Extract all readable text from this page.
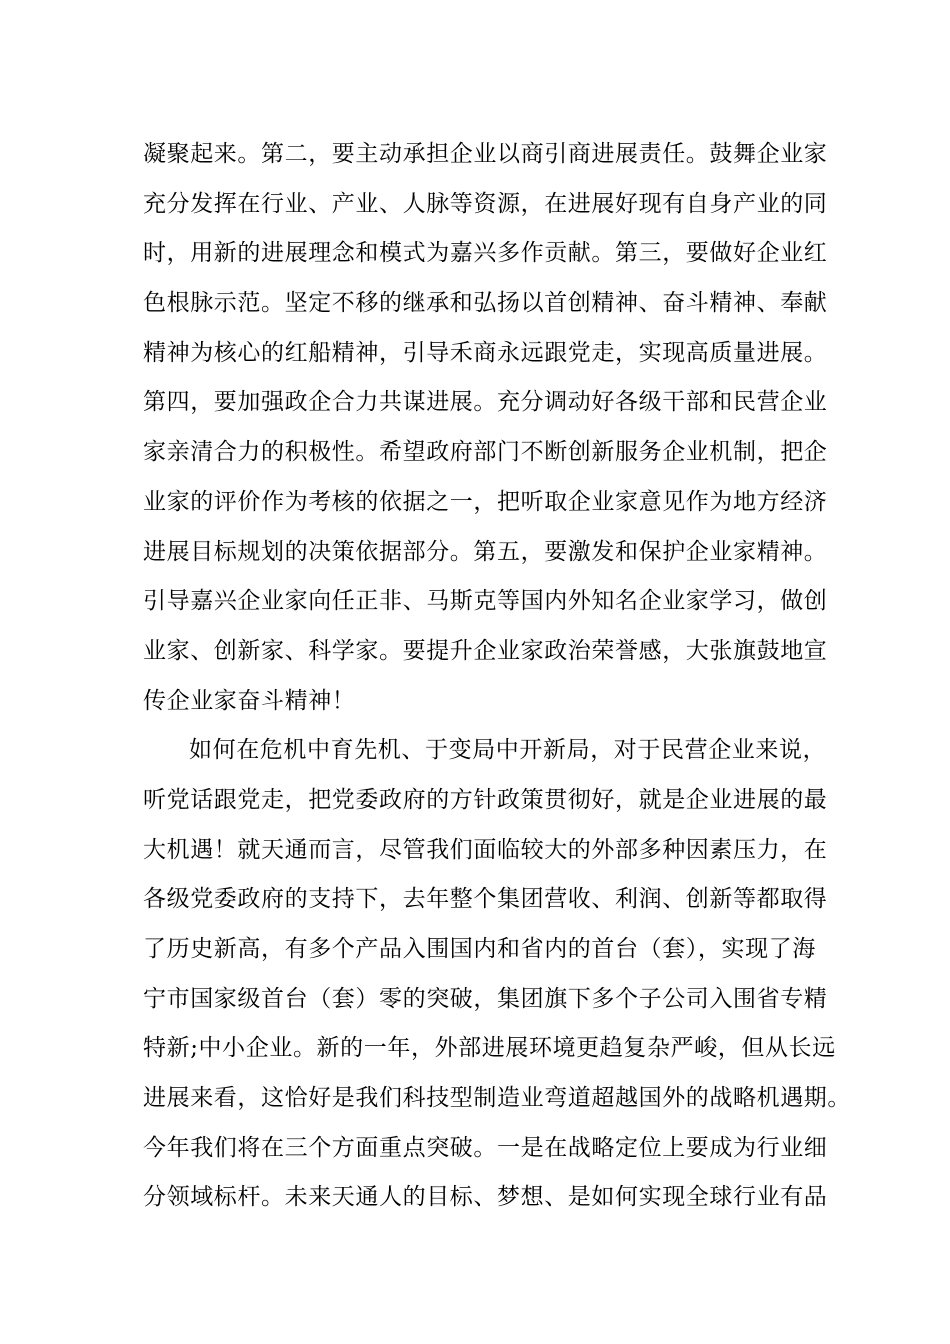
凝聚起来。第二，要主动承担企业以商引商进展责任。鼓舞企业家
充分发挥在行业、产业、人脉等资源，在进展好现有自身产业的同
时，用新的进展理念和模式为嘉兴多作贡献。第三，要做好企业红
色根脉示范。坚定不移的继承和弘扬以首创精神、奋斗精神、奉献
精神为核心的红船精神，引导禾商永远跟党走，实现高质量进展。
第四，要加强政企合力共谋进展。充分调动好各级干部和民营企业
家亲清合力的积极性。希望政府部门不断创新服务企业机制，把企
业家的评价作为考核的依据之一，把听取企业家意见作为地方经济
进展目标规划的决策依据部分。第五，要激发和保护企业家精神。
引导嘉兴企业家向任正非、马斯克等国内外知名企业家学习，做创
业家、创新家、科学家。要提升企业家政治荣誉感，大张旗鼓地宣
传企业家奋斗精神！
如何在危机中育先机、于变局中开新局，对于民营企业来说，
听党话跟党走，把党委政府的方针政策贯彻好，就是企业进展的最
大机遇！就天通而言，尽管我们面临较大的外部多种因素压力，在
各级党委政府的支持下，去年整个集团营收、利润、创新等都取得
了历史新高，有多个产品入围国内和省内的首台（套），实现了海
宁市国家级首台（套）零的突破，集团旗下多个子公司入围省专精
特新;中小企业。新的一年，外部进展环境更趋复杂严峻，但从长远
进展来看，这恰好是我们科技型制造业弯道超越国外的战略机遇期。
今年我们将在三个方面重点突破。一是在战略定位上要成为行业细
分领域标杆。未来天通人的目标、梦想、是如何实现全球行业有品
